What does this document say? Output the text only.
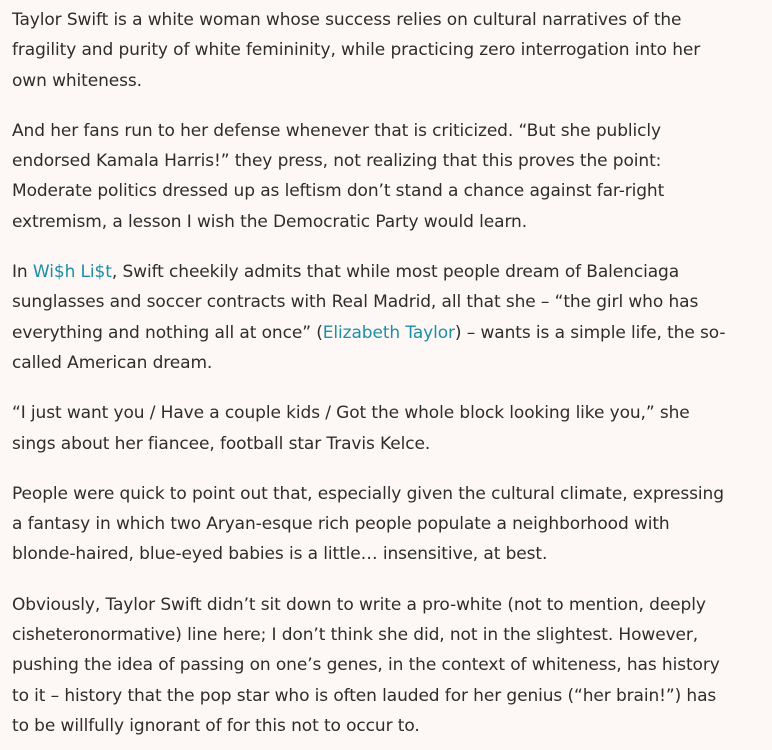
Taylor Swift is a white woman whose success relies on cultural narratives of the fragility and purity of white femininity, while practicing zero interrogation into her own whiteness.

And her fans run to her defense whenever that is criticized. “But she publicly endorsed Kamala Harris!” they press, not realizing that this proves the point: Moderate politics dressed up as leftism don’t stand a chance against far-right extremism, a lesson I wish the Democratic Party would learn.

In Wi$h Li$t, Swift cheekily admits that while most people dream of Balenciaga sunglasses and soccer contracts with Real Madrid, all that she – “the girl who has everything and nothing all at once” (Elizabeth Taylor) – wants is a simple life, the so-called American dream.

“I just want you / Have a couple kids / Got the whole block looking like you,” she sings about her fiancee, football star Travis Kelce.

People were quick to point out that, especially given the cultural climate, expressing a fantasy in which two Aryan-esque rich people populate a neighborhood with blonde-haired, blue-eyed babies is a little… insensitive, at best.

Obviously, Taylor Swift didn’t sit down to write a pro-white (not to mention, deeply cisheteronormative) line here; I don’t think she did, not in the slightest. However, pushing the idea of passing on one’s genes, in the context of whiteness, has history to it – history that the pop star who is often lauded for her genius (“her brain!”) has to be willfully ignorant of for this not to occur to.
